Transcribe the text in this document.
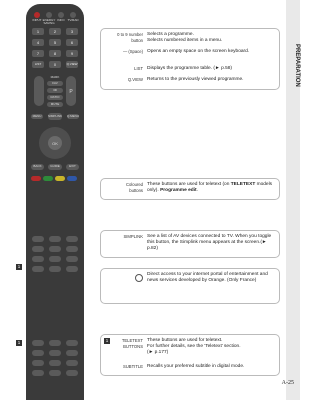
PREPARATION
INPUT ENERGY SAVING
INFO TV/RAD
1	2	3
4	5	6
7	8	9
LIST	0	Q.VIEW
MARK
FAV
3D
RATIO
MUTE
P
MENU	SIMPLINK Q.MENU
OK
BACK	GUIDE	EXIT
1
1
0 to 9 number
button
Selects a programme.
Selects numbered items in a menu.
— (Space) Opens an empty space on the screen keyboard.
LIST Displays the programme table. (► p.58)
Q.VIEW Returns to the previously viewed programme.
Coloured
buttons
These buttons are used for teletext (on TELETEXT models only). Programme edit.
SIMPLINK See a list of AV devices connected to TV. When you toggle this button, the Simplink menu appears at the screen.(► p.82)
Direct access to your internet portal of entertainment and news services developed by Orange. (Only France)
1	TELETEXT
BUTTONS
These buttons are used for teletext.
For further details, see the 'Teletext' section.
(► p.177)
SUBTITLE Recalls your preferred subtitle in digital mode.
A-25
